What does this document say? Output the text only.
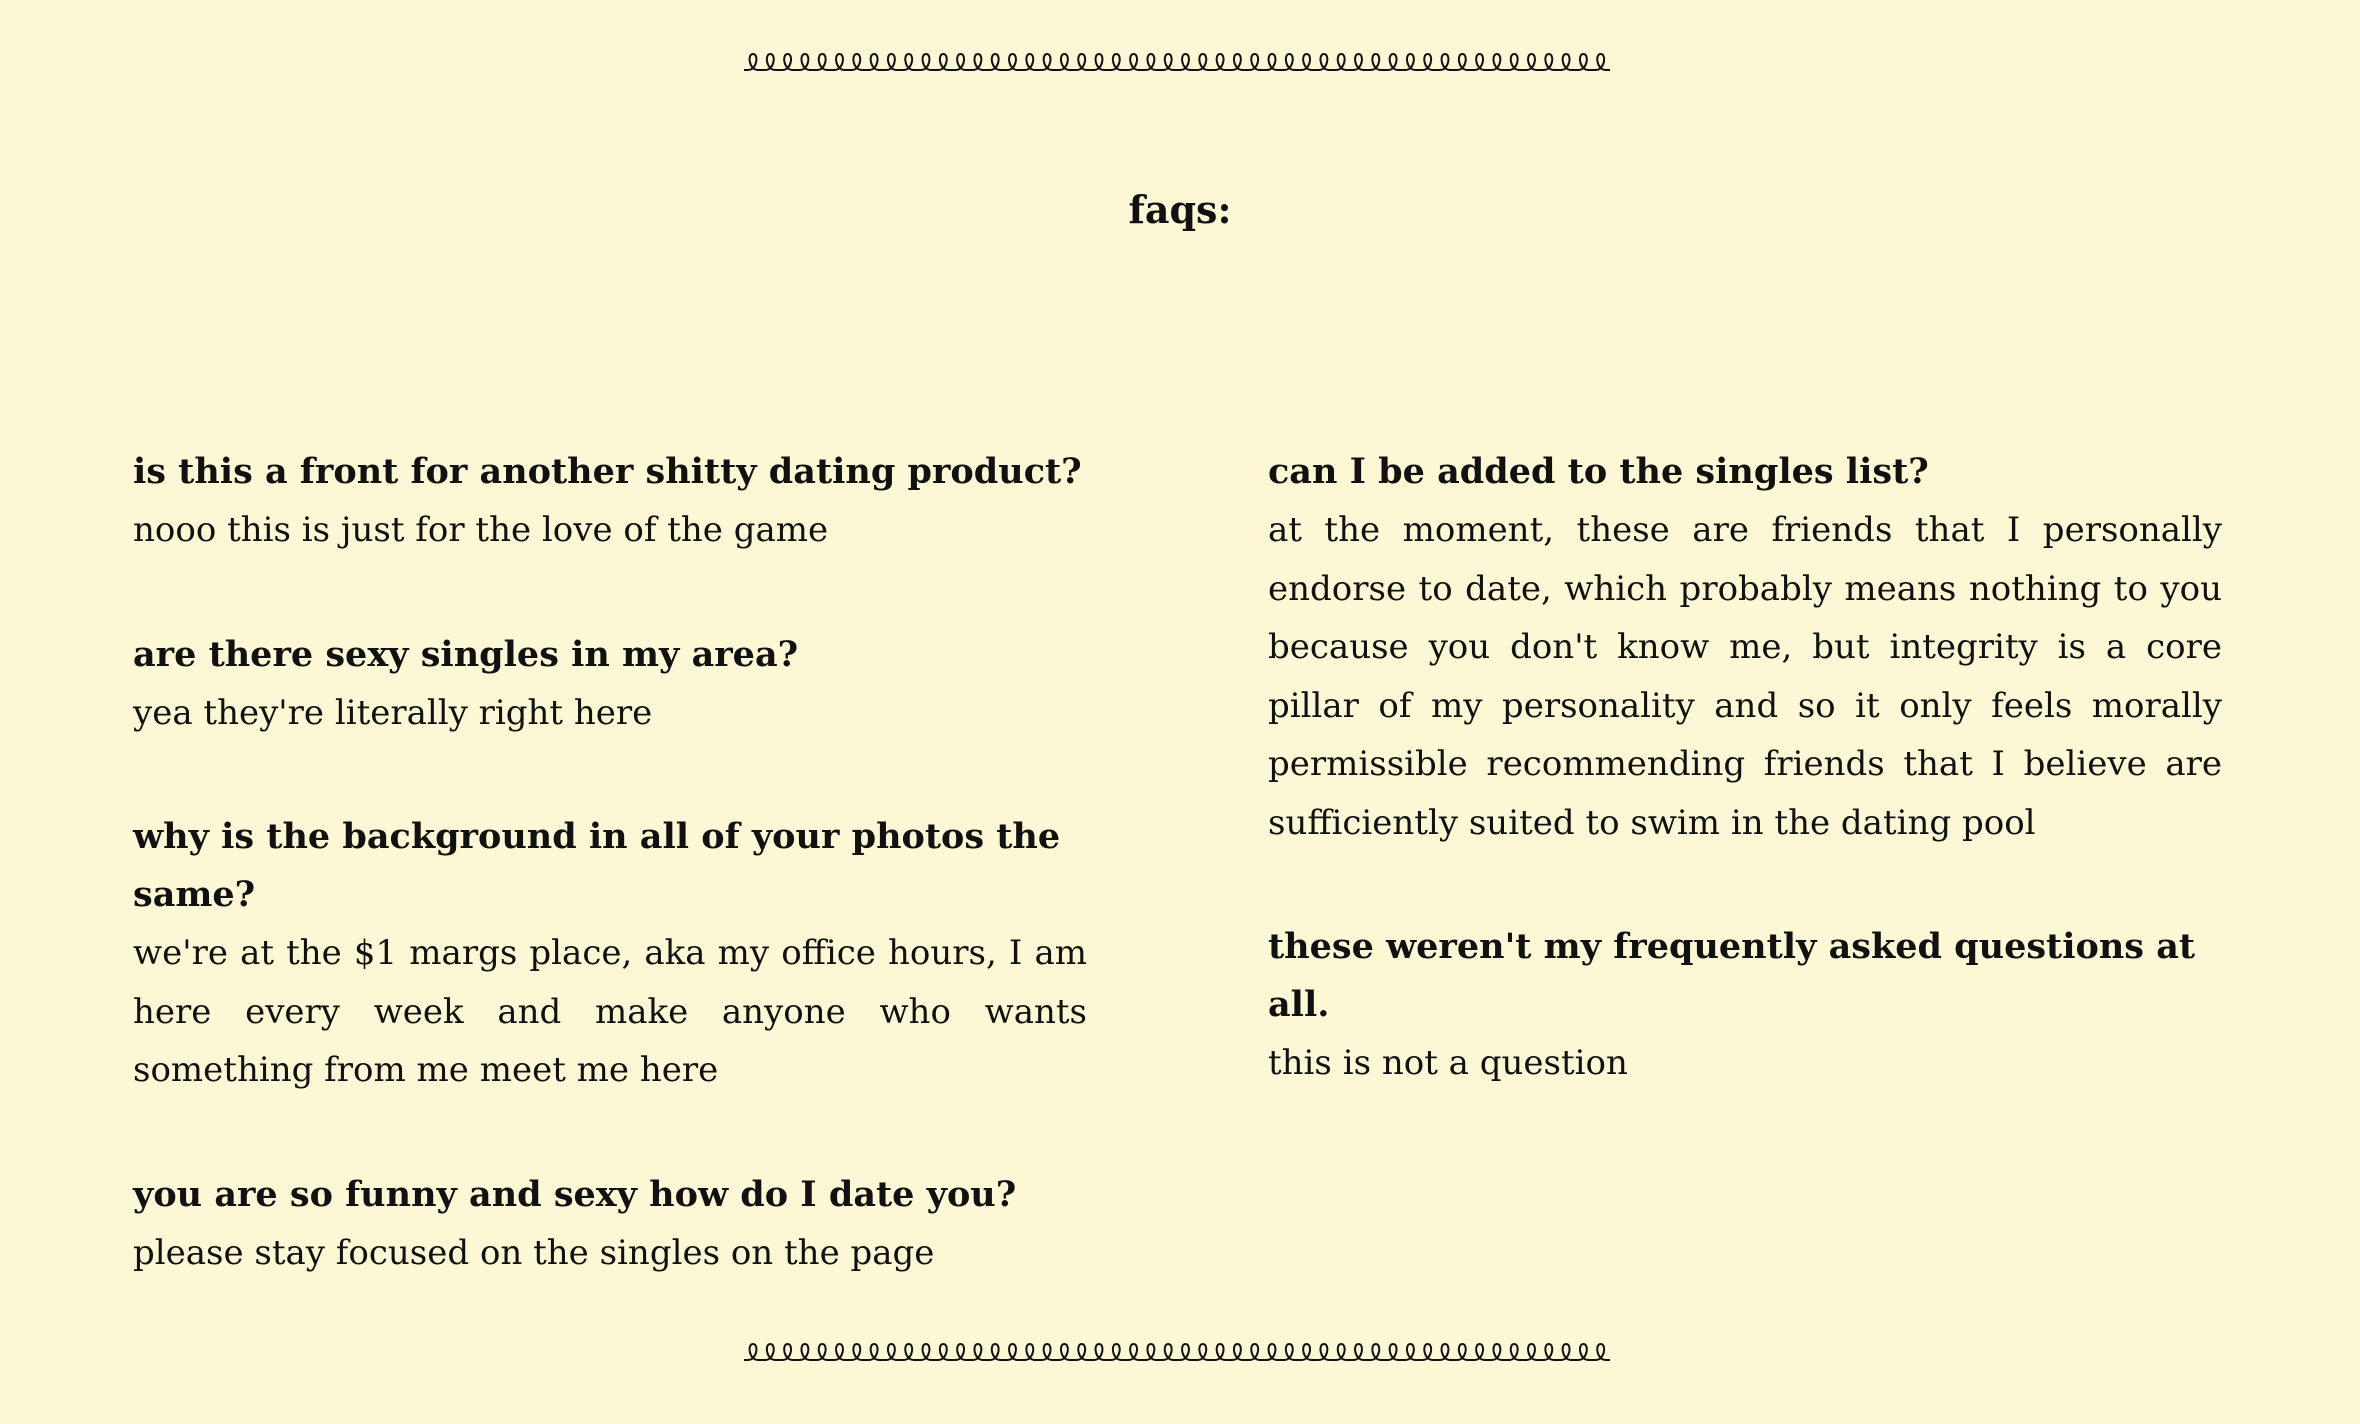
faqs:

is this a front for another shitty dating product?

nooo this is just for the love of the game

are there sexy singles in my area?

yea they're literally right here

why is the background in all of your photos the same?

we're at the $1 margs place, aka my office hours, I am here every week and make anyone who wants something from me meet me here

you are so funny and sexy how do I date you?

please stay focused on the singles on the page

can I be added to the singles list?

at the moment, these are friends that I personally endorse to date, which probably means nothing to you because you don't know me, but integrity is a core pillar of my personality and so it only feels morally permissible recommending friends that I believe are sufficiently suited to swim in the dating pool

these weren't my frequently asked questions at all.

this is not a question
